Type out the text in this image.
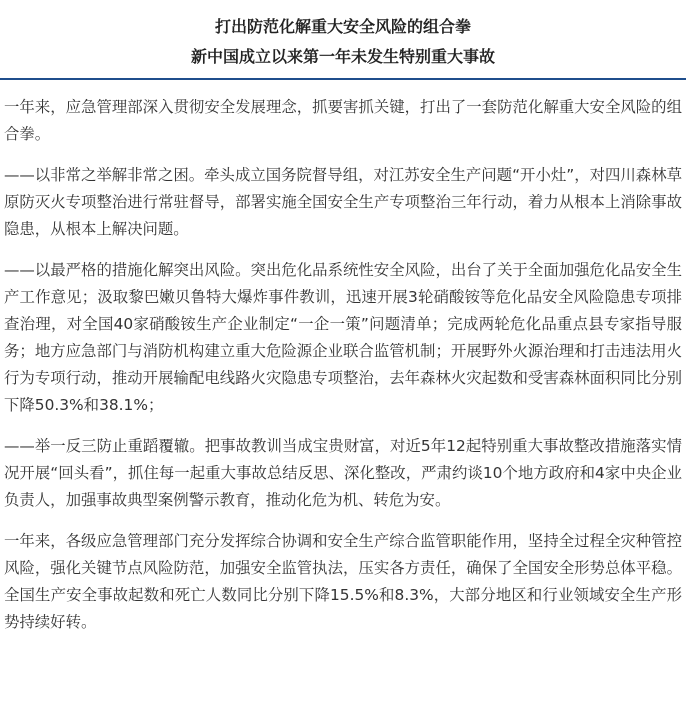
打出防范化解重大安全风险的组合拳

新中国成立以来第一年未发生特别重大事故

一年来，应急管理部深入贯彻安全发展理念，抓要害抓关键，打出了一套防范化解重大安全风险的组合拳。

——以非常之举解非常之困。牵头成立国务院督导组，对江苏安全生产问题“开小灶”，对四川森林草原防灭火专项整治进行常驻督导，部署实施全国安全生产专项整治三年行动，着力从根本上消除事故隐患，从根本上解决问题。

——以最严格的措施化解突出风险。突出危化品系统性安全风险，出台了关于全面加强危化品安全生产工作意见；汲取黎巴嫩贝鲁特大爆炸事件教训，迅速开展3轮硝酸铵等危化品安全风险隐患专项排查治理，对全国40家硝酸铵生产企业制定“一企一策”问题清单；完成两轮危化品重点县专家指导服务；地方应急部门与消防机构建立重大危险源企业联合监管机制；开展野外火源治理和打击违法用火行为专项行动，推动开展输配电线路火灾隐患专项整治，去年森林火灾起数和受害森林面积同比分别下降50.3%和38.1%；

——举一反三防止重蹈覆辙。把事故教训当成宝贵财富，对近5年12起特别重大事故整改措施落实情况开展“回头看”，抓住每一起重大事故总结反思、深化整改，严肃约谈10个地方政府和4家中央企业负责人，加强事故典型案例警示教育，推动化危为机、转危为安。

一年来，各级应急管理部门充分发挥综合协调和安全生产综合监管职能作用，坚持全过程全灾种管控风险，强化关键节点风险防范，加强安全监管执法，压实各方责任，确保了全国安全形势总体平稳。全国生产安全事故起数和死亡人数同比分别下降15.5%和8.3%，大部分地区和行业领域安全生产形势持续好转。
